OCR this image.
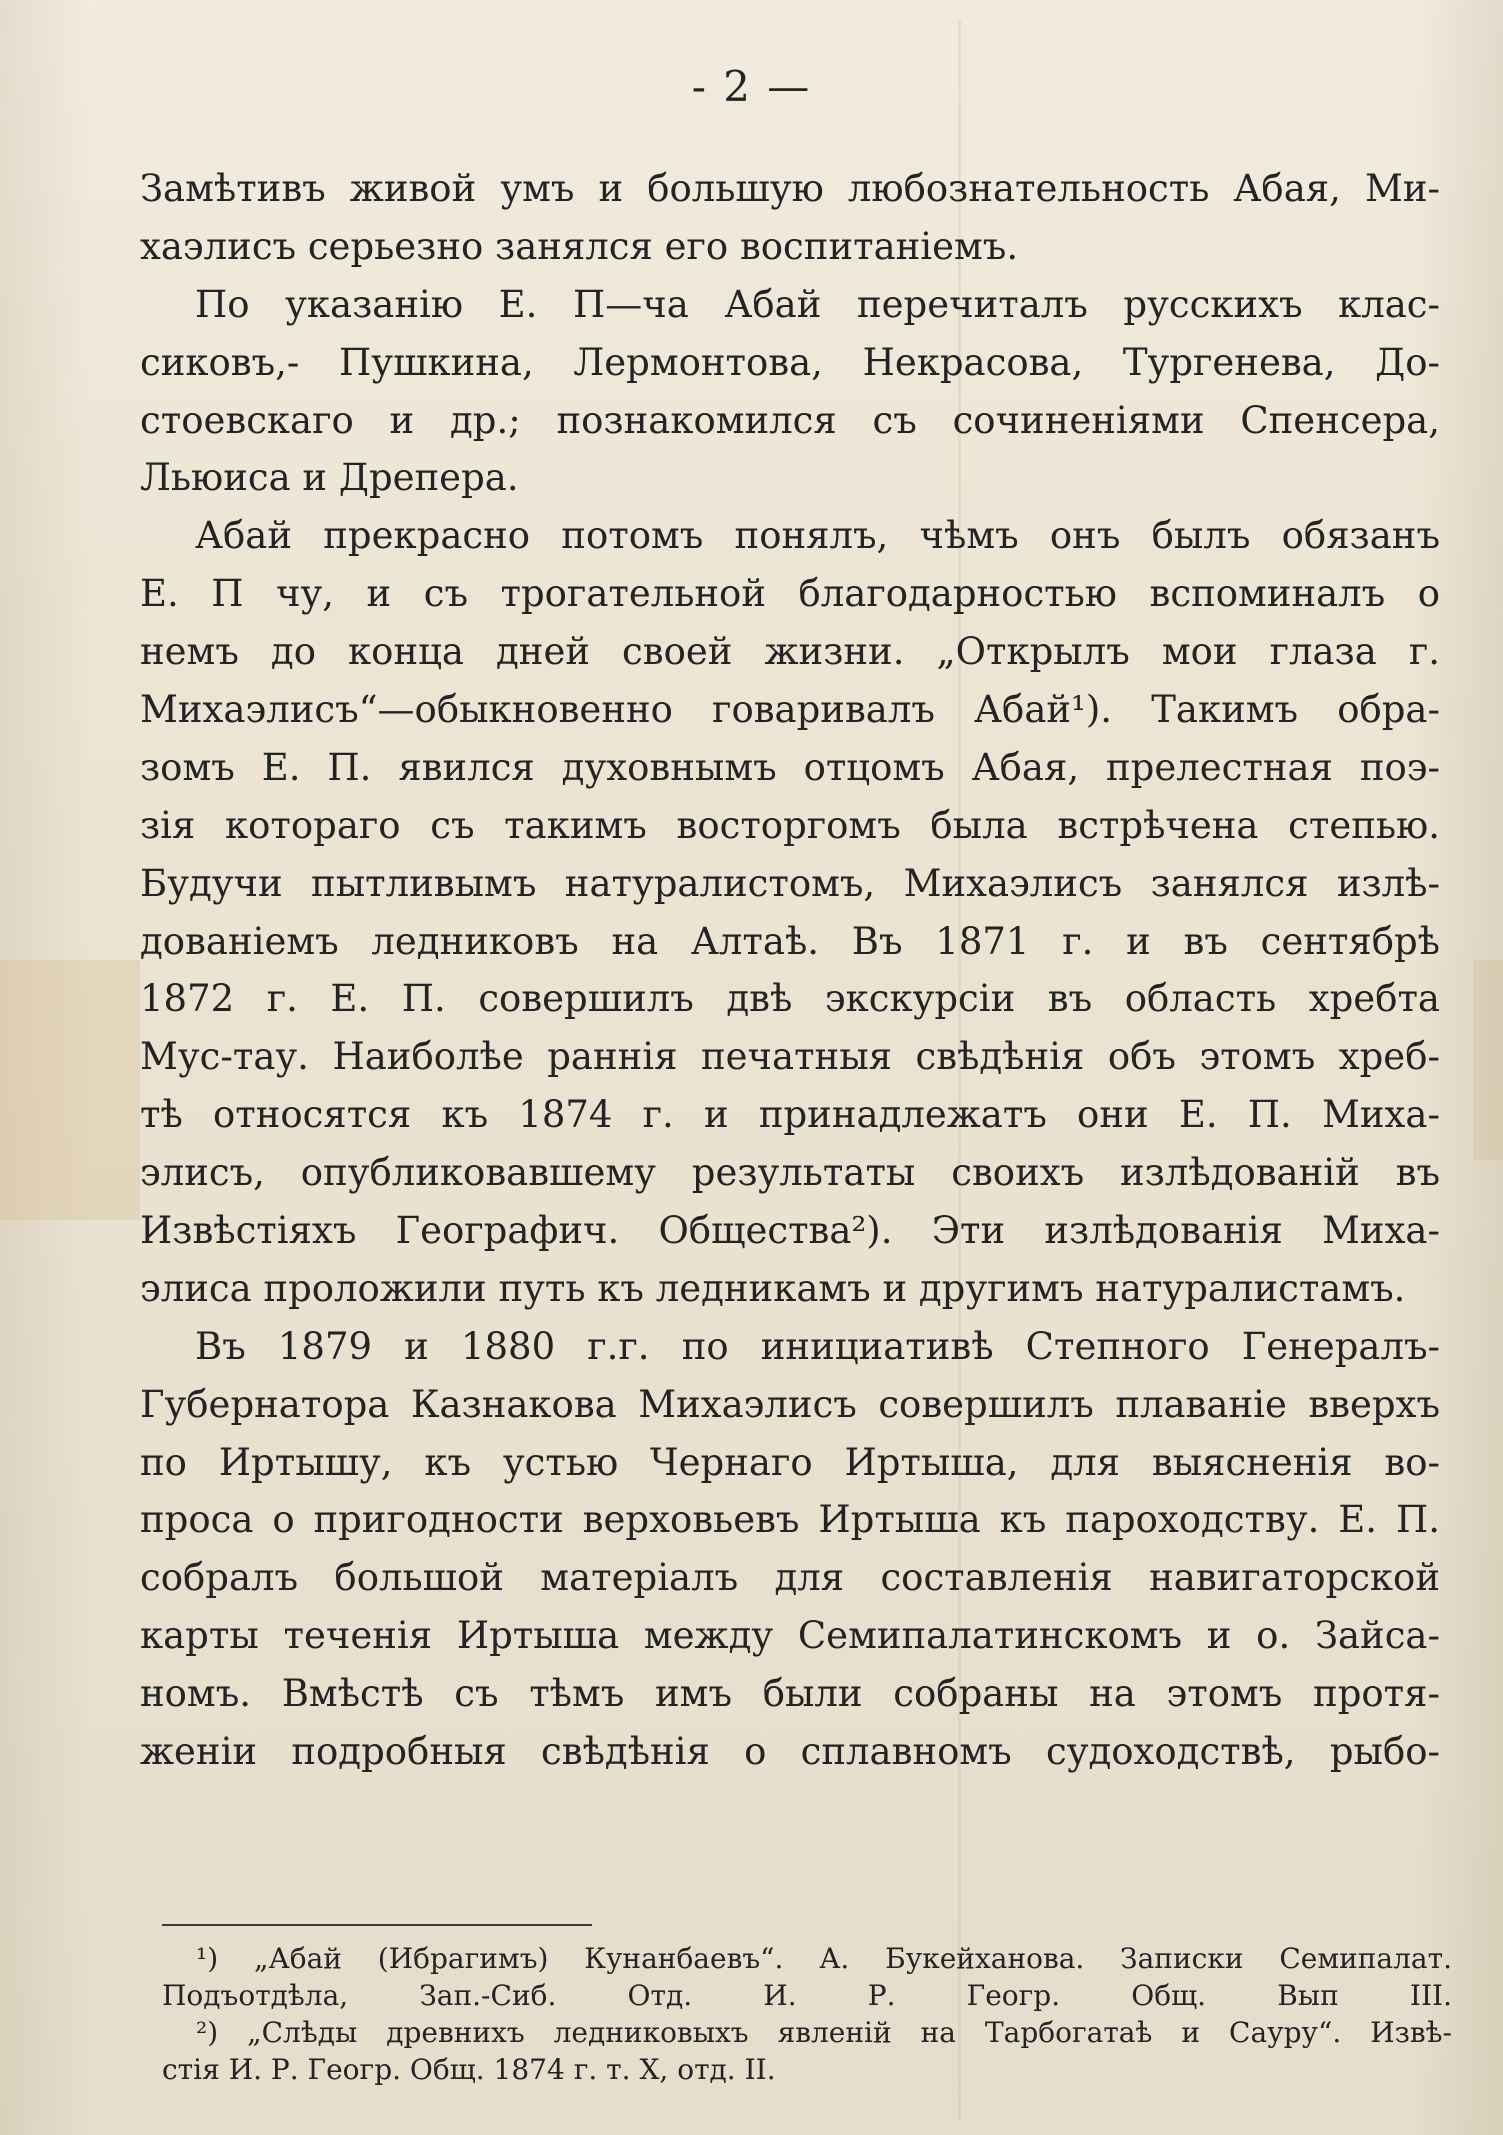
- 2 —
Замѣтивъ живой умъ и большую любознательность Абая, Ми-
хаэлисъ серьезно занялся его воспитаніемъ.
По указанію Е. П—ча Абай перечиталъ русскихъ клас-
сиковъ,- Пушкина, Лермонтова, Некрасова, Тургенева, До-
стоевскаго и др.; познакомился съ сочиненіями Спенсера,
Льюиса и Дрепера.
Абай прекрасно потомъ понялъ, чѣмъ онъ былъ обязанъ
Е. П чу, и съ трогательной благодарностью вспоминалъ о
немъ до конца дней своей жизни. „Открылъ мои глаза г.
Михаэлисъ“—обыкновенно говаривалъ Абай¹). Такимъ обра-
зомъ Е. П. явился духовнымъ отцомъ Абая, прелестная поэ-
зія котораго съ такимъ восторгомъ была встрѣчена степью.
Будучи пытливымъ натуралистомъ, Михаэлисъ занялся излѣ-
дованіемъ ледниковъ на Алтаѣ. Въ 1871 г. и въ сентябрѣ
1872 г. Е. П. совершилъ двѣ экскурсіи въ область хребта
Мус-тау. Наиболѣе раннія печатныя свѣдѣнія объ этомъ хреб-
тѣ относятся къ 1874 г. и принадлежатъ они Е. П. Миха-
элисъ, опубликовавшему результаты своихъ излѣдованій въ
Извѣстіяхъ Географич. Общества²). Эти излѣдованія Миха-
элиса проложили путь къ ледникамъ и другимъ натуралистамъ.
Въ 1879 и 1880 г.г. по инициативѣ Степного Генералъ-
Губернатора Казнакова Михаэлисъ совершилъ плаваніе вверхъ
по Иртышу, къ устью Чернаго Иртыша, для выясненія во-
проса о пригодности верховьевъ Иртыша къ пароходству. Е. П.
собралъ большой матеріалъ для составленія навигаторской
карты теченія Иртыша между Семипалатинскомъ и о. Зайса-
номъ. Вмѣстѣ съ тѣмъ имъ были собраны на этомъ протя-
женіи подробныя свѣдѣнія о сплавномъ судоходствѣ, рыбо-
¹) „Абай (Ибрагимъ) Кунанбаевъ“. А. Букейханова. Записки Семипалат.
Подъотдѣла, Зап.-Сиб. Отд. И. Р. Геогр. Общ. Вып III.
²) „Слѣды древнихъ ледниковыхъ явленій на Тарбогатаѣ и Сауру“. Извѣ-
стія И. Р. Геогр. Общ. 1874 г. т. X, отд. II.
